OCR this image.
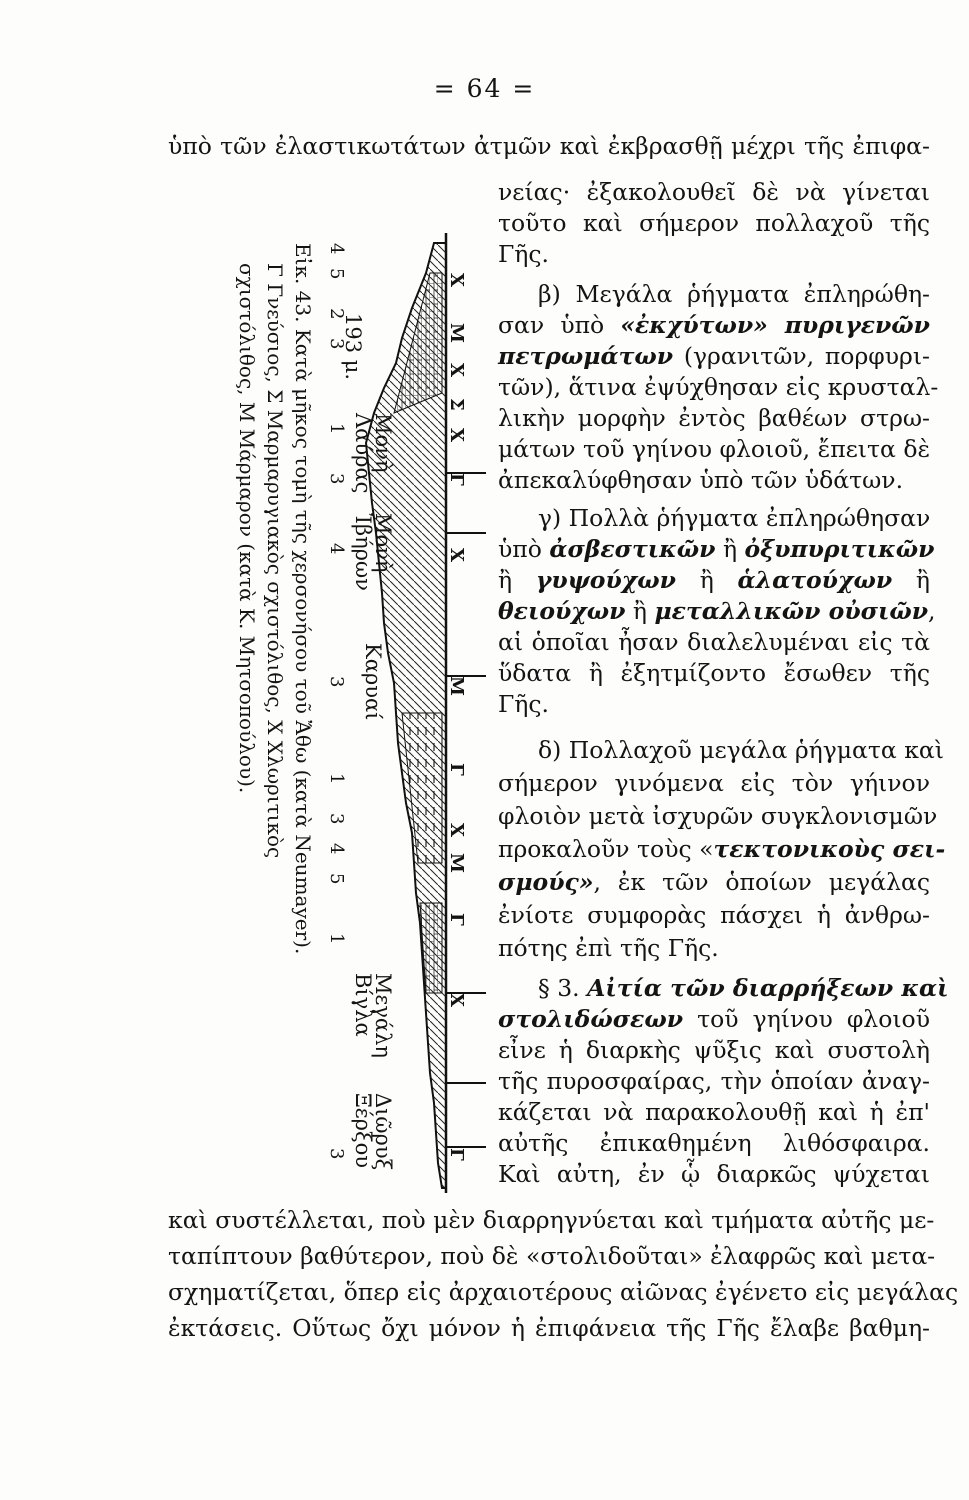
= 64 =
ὑπὸ τῶν ἐλαστικωτάτων ἀτμῶν καὶ ἐκβρασθῇ μέχρι τῆς ἐπιφα-
νείας· ἐξακολουθεῖ δὲ νὰ γίνεται
τοῦτο καὶ σήμερον πολλαχοῦ τῆς
Γῆς.
β) Μεγάλα ῥήγματα ἐπληρώθη-
σαν ὑπὸ «ἐκχύτων» πυριγενῶν
πετρωμάτων (γρανιτῶν, πορφυρι-
τῶν), ἅτινα ἐψύχθησαν εἰς κρυσταλ-
λικὴν μορφὴν ἐντὸς βαθέων στρω-
μάτων τοῦ γηίνου φλοιοῦ, ἔπειτα δὲ
ἀπεκαλύφθησαν ὑπὸ τῶν ὑδάτων.
γ) Πολλὰ ῥήγματα ἐπληρώθησαν
ὑπὸ ἀσβεστικῶν ἢ ὀξυπυριτικῶν
ἢ γυψούχων ἢ ἁλατούχων ἢ
θειούχων ἢ μεταλλικῶν οὐσιῶν,
αἱ ὁποῖαι ἦσαν διαλελυμέναι εἰς τὰ
ὕδατα ἢ ἐξητμίζοντο ἔσωθεν τῆς
Γῆς.
δ) Πολλαχοῦ μεγάλα ῥήγματα καὶ
σήμερον γινόμενα εἰς τὸν γήινον
φλοιὸν μετὰ ἰσχυρῶν συγκλονισμῶν
προκαλοῦν τοὺς «τεκτονικοὺς σει-
σμούς», ἐκ τῶν ὁποίων μεγάλας
ἐνίοτε συμφορὰς πάσχει ἡ ἀνθρω-
πότης ἐπὶ τῆς Γῆς.
§ 3. Αἰτία τῶν διαρρήξεων καὶ
στολιδώσεων τοῦ γηίνου φλοιοῦ
εἶνε ἡ διαρκὴς ψῦξις καὶ συστολὴ
τῆς πυροσφαίρας, τὴν ὁποίαν ἀναγ-
κάζεται νὰ παρακολουθῇ καὶ ἡ ἐπ'
αὐτῆς ἐπικαθημένη λιθόσφαιρα.
Καὶ αὐτη, ἐν ᾧ διαρκῶς ψύχεται
καὶ συστέλλεται, ποὺ μὲν διαρρηγνύεται καὶ τμήματα αὐτῆς με-
ταπίπτουν βαθύτερον, ποὺ δὲ «στολιδοῦται» ἐλαφρῶς καὶ μετα-
σχηματίζεται, ὅπερ εἰς ἀρχαιοτέρους αἰῶνας ἐγένετο εἰς μεγάλας
ἐκτάσεις. Οὕτως ὄχι μόνον ἡ ἐπιφάνεια τῆς Γῆς ἔλαβε βαθμη-
Μονὴ
Λαύρας
193 μ.
Μονὴ
Ἰβήρων
Καρυαί
Μεγάλη
Βίγλα
Διῶρυξ
Ξέρξου
Εἰκ. 43. Κατὰ μῆκος τομὴ τῆς χερσονήσου τοῦ Ἄθω (κατὰ Neumayer).
Γ Γνεύσιος, Σ Μαρμαρυγιακὸς σχιστόλιθος, Χ Χλωριτικὸς
σχιστόλιθος, Μ Μάρμαρον (κατὰ Κ. Μητσοπούλου).	Χ
Μ
Χ
Σ
Χ
Γ
Χ
Μ
Γ
Χ
Μ
Γ
Χ
Γ
4
5
2
3
1
3
4
3
1
3
4
5
1
3
